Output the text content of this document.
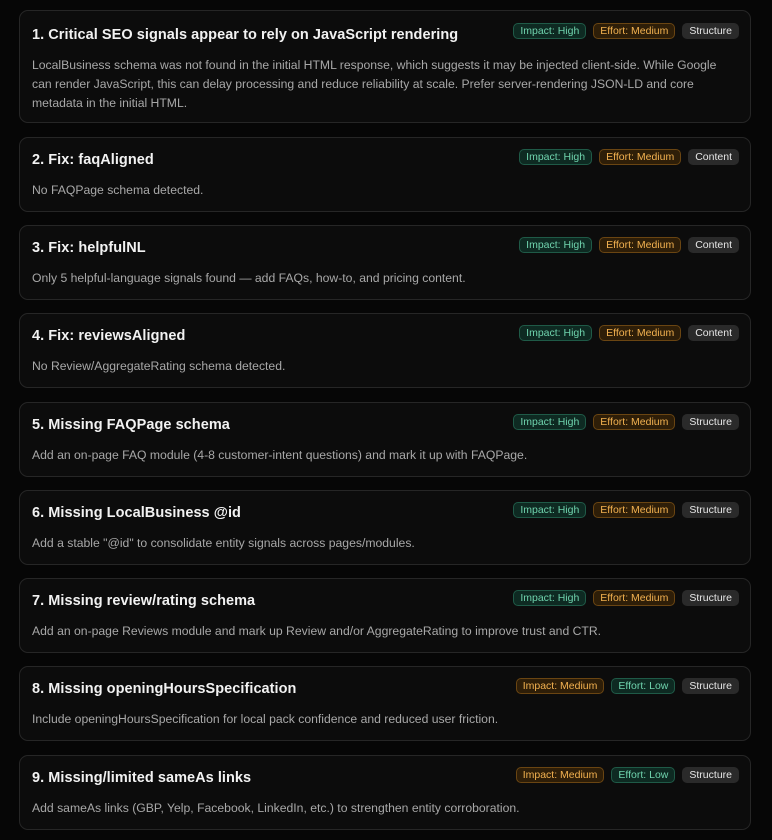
1. Critical SEO signals appear to rely on JavaScript rendering	Impact: High	Effort: Medium	Structure

LocalBusiness schema was not found in the initial HTML response, which suggests it may be injected client-side. While Google can render JavaScript, this can delay processing and reduce reliability at scale. Prefer server-rendering JSON-LD and core metadata in the initial HTML.

2. Fix: faqAligned	Impact: High	Effort: Medium	Content

No FAQPage schema detected.

3. Fix: helpfulNL	Impact: High	Effort: Medium	Content

Only 5 helpful-language signals found — add FAQs, how-to, and pricing content.

4. Fix: reviewsAligned	Impact: High	Effort: Medium	Content

No Review/AggregateRating schema detected.

5. Missing FAQPage schema	Impact: High	Effort: Medium	Structure

Add an on-page FAQ module (4-8 customer-intent questions) and mark it up with FAQPage.

6. Missing LocalBusiness @id	Impact: High	Effort: Medium	Structure

Add a stable "@id" to consolidate entity signals across pages/modules.

7. Missing review/rating schema	Impact: High	Effort: Medium	Structure

Add an on-page Reviews module and mark up Review and/or AggregateRating to improve trust and CTR.

8. Missing openingHoursSpecification	Impact: Medium	Effort: Low	Structure

Include openingHoursSpecification for local pack confidence and reduced user friction.

9. Missing/limited sameAs links	Impact: Medium	Effort: Low	Structure

Add sameAs links (GBP, Yelp, Facebook, LinkedIn, etc.) to strengthen entity corroboration.
